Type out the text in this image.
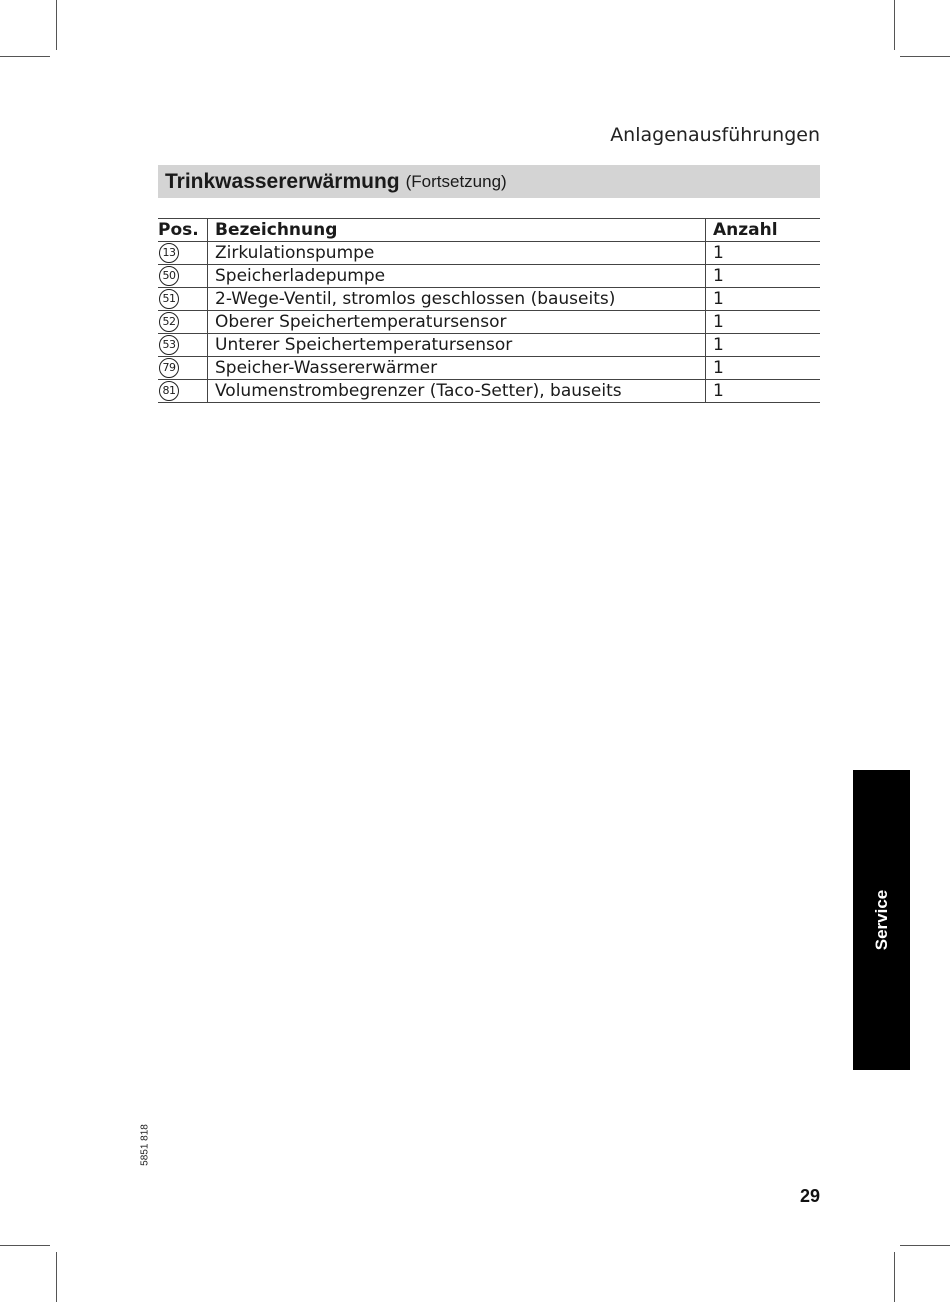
Anlagenausführungen
Trinkwassererwärmung (Fortsetzung)
Pos.	Bezeichnung	Anzahl
13	Zirkulationspumpe	1
50	Speicherladepumpe	1
51	2-Wege-Ventil, stromlos geschlossen (bauseits)	1
52	Oberer Speichertemperatursensor	1
53	Unterer Speichertemperatursensor	1
79	Speicher-Wassererwärmer	1
81	Volumenstrombegrenzer (Taco-Setter), bauseits	1
Service
5851 818
29
